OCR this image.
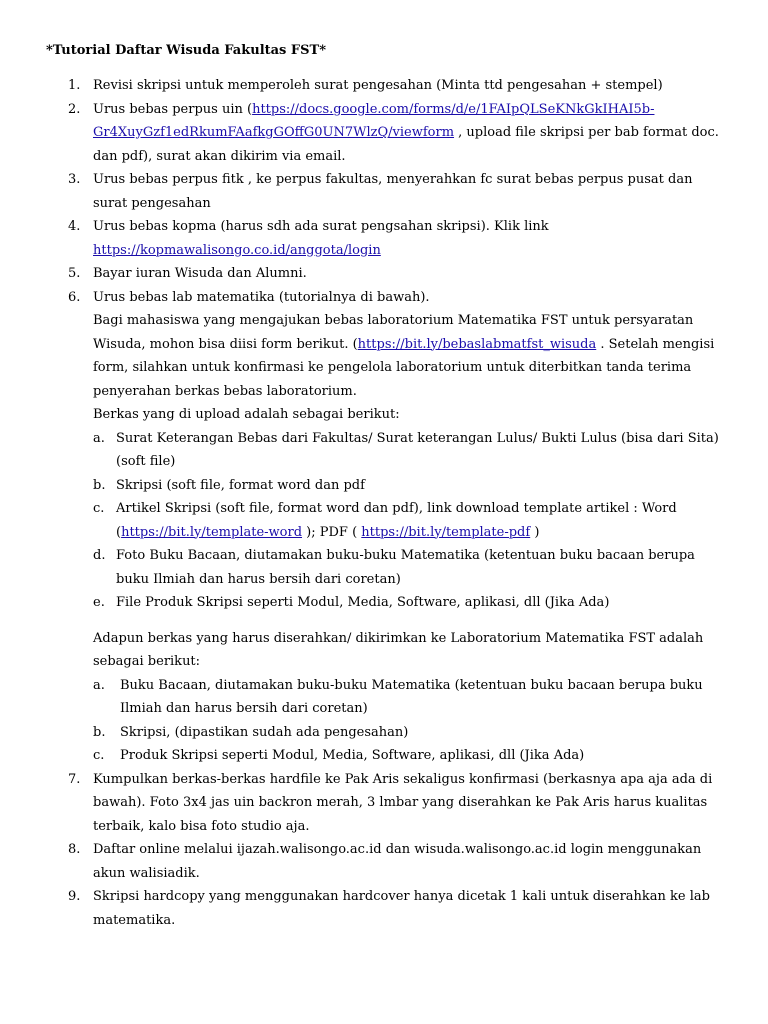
*Tutorial Daftar Wisuda Fakultas FST*
1. Revisi skripsi untuk memperoleh surat pengesahan (Minta ttd pengesahan + stempel)
2. Urus bebas perpus uin (https://docs.google.com/forms/d/e/1FAIpQLSeKNkGkIHAI5b-
Gr4XuyGzf1edRkumFAafkgGOffG0UN7WlzQ/viewform , upload file skripsi per bab format doc. dan pdf), surat akan dikirim via email.
3. Urus bebas perpus fitk , ke perpus fakultas, menyerahkan fc surat bebas perpus pusat dan surat pengesahan
4. Urus bebas kopma (harus sdh ada surat pengsahan skripsi). Klik link
https://kopmawalisongo.co.id/anggota/login
5. Bayar iuran Wisuda dan Alumni.
6. Urus bebas lab matematika (tutorialnya di bawah).
Bagi mahasiswa yang mengajukan bebas laboratorium Matematika FST untuk persyaratan Wisuda, mohon bisa diisi form berikut. (https://bit.ly/bebaslabmatfst_wisuda . Setelah mengisi form, silahkan untuk konfirmasi ke pengelola laboratorium untuk diterbitkan tanda terima penyerahan berkas bebas laboratorium.
Berkas yang di upload adalah sebagai berikut:
a. Surat Keterangan Bebas dari Fakultas/ Surat keterangan Lulus/ Bukti Lulus (bisa dari Sita) (soft file)
b. Skripsi (soft file, format word dan pdf
c. Artikel Skripsi (soft file, format word dan pdf), link download template artikel : Word (https://bit.ly/template-word ); PDF ( https://bit.ly/template-pdf )
d. Foto Buku Bacaan, diutamakan buku-buku Matematika (ketentuan buku bacaan berupa buku Ilmiah dan harus bersih dari coretan)
e. File Produk Skripsi seperti Modul, Media, Software, aplikasi, dll (Jika Ada)
Adapun berkas yang harus diserahkan/ dikirimkan ke Laboratorium Matematika FST adalah sebagai berikut:
a. Buku Bacaan, diutamakan buku-buku Matematika (ketentuan buku bacaan berupa buku Ilmiah dan harus bersih dari coretan)
b. Skripsi, (dipastikan sudah ada pengesahan)
c. Produk Skripsi seperti Modul, Media, Software, aplikasi, dll (Jika Ada)
7. Kumpulkan berkas-berkas hardfile ke Pak Aris sekaligus konfirmasi (berkasnya apa aja ada di bawah). Foto 3x4 jas uin backron merah, 3 lmbar yang diserahkan ke Pak Aris harus kualitas terbaik, kalo bisa foto studio aja.
8. Daftar online melalui ijazah.walisongo.ac.id dan wisuda.walisongo.ac.id login menggunakan akun walisiadik.
9. Skripsi hardcopy yang menggunakan hardcover hanya dicetak 1 kali untuk diserahkan ke lab matematika.
